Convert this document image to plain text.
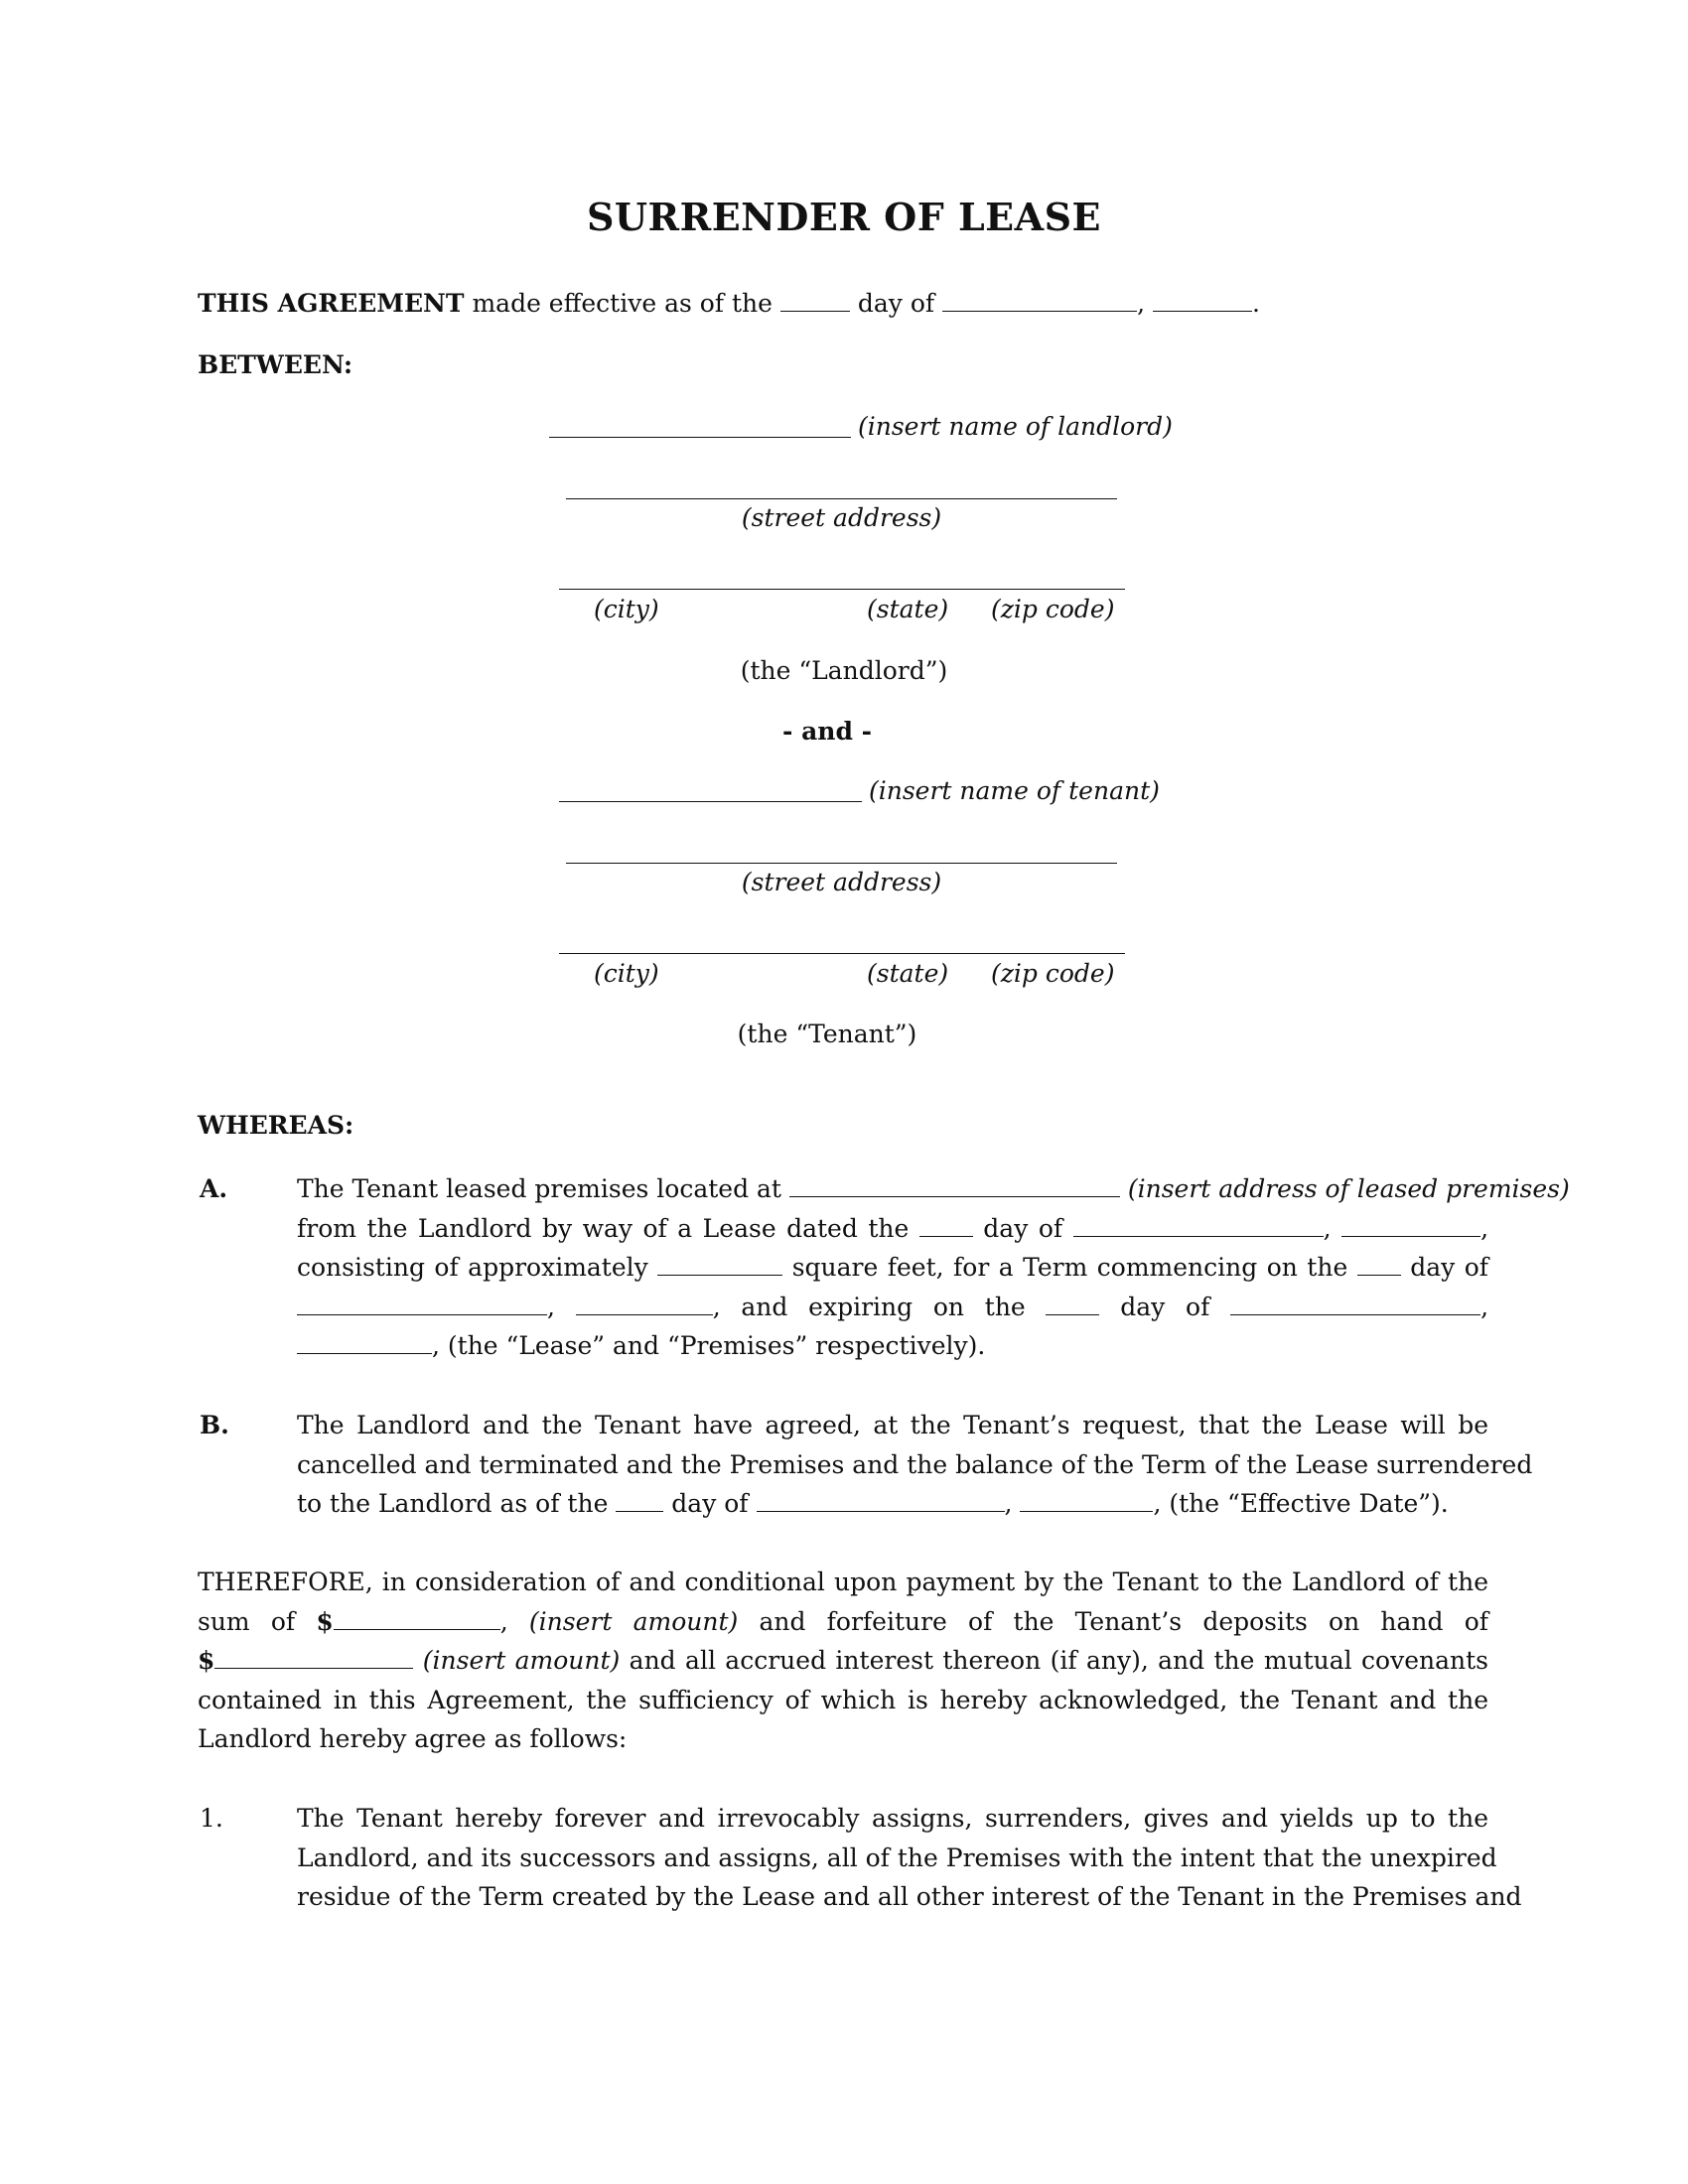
SURRENDER OF LEASE
THIS AGREEMENT made effective as of the	day of	,	.
BETWEEN:
(insert name of landlord)
(street address)
(city)	(state) (zip code)
(the “Landlord”)
- and -
(insert name of tenant)
(street address)
(city)	(state) (zip code)
(the “Tenant”)
WHEREAS:
A.	The Tenant leased premises located at	(insert address of leased premises)
from the Landlord by way of a Lease dated the	day of	,	,
consisting of approximately	square feet, for a Term commencing on the	day of
,	, and expiring on the	day of	,
, (the “Lease” and “Premises” respectively).
B.	The Landlord and the Tenant have agreed, at the Tenant’s request, that the Lease will be
cancelled and terminated and the Premises and the balance of the Term of the Lease surrendered
to the Landlord as of the	day of	,	, (the “Effective Date”).
THEREFORE, in consideration of and conditional upon payment by the Tenant to the Landlord of the
sum of $	, (insert amount) and forfeiture of the Tenant’s deposits on hand of
$	(insert amount) and all accrued interest thereon (if any), and the mutual covenants
contained in this Agreement, the sufficiency of which is hereby acknowledged, the Tenant and the
Landlord hereby agree as follows:
1.	The Tenant hereby forever and irrevocably assigns, surrenders, gives and yields up to the
Landlord, and its successors and assigns, all of the Premises with the intent that the unexpired
residue of the Term created by the Lease and all other interest of the Tenant in the Premises and
